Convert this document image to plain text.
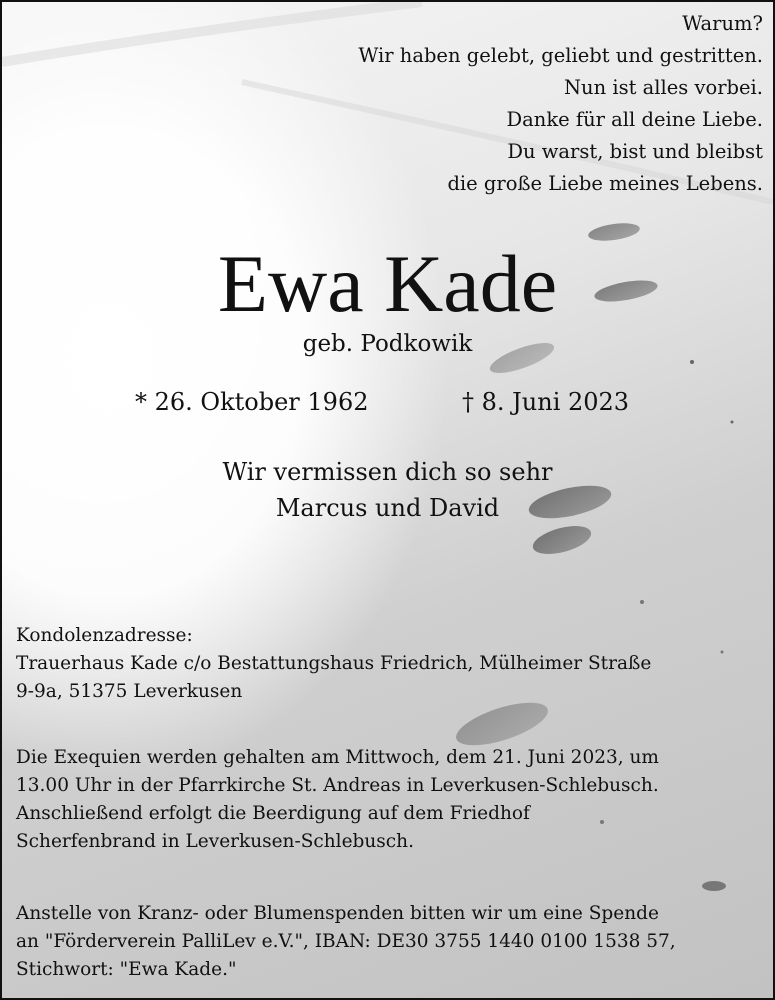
Warum?
Wir haben gelebt, geliebt und gestritten.
Nun ist alles vorbei.
Danke für all deine Liebe.
Du warst, bist und bleibst
die große Liebe meines Lebens.
Ewa Kade
geb. Podkowik
* 26. Oktober 1962	† 8. Juni 2023
Wir vermissen dich so sehr
Marcus und David

Kondolenzadresse:

Trauerhaus Kade c/o Bestattungshaus Friedrich, Mülheimer Straße

9-9a, 51375 Leverkusen

Die Exequien werden gehalten am Mittwoch, dem 21. Juni 2023, um

13.00 Uhr in der Pfarrkirche St. Andreas in Leverkusen-Schlebusch.

Anschließend erfolgt die Beerdigung auf dem Friedhof

Scherfenbrand in Leverkusen-Schlebusch.

Anstelle von Kranz- oder Blumenspenden bitten wir um eine Spende

an "Förderverein PalliLev e.V.", IBAN: DE30 3755 1440 0100 1538 57,

Stichwort: "Ewa Kade."
